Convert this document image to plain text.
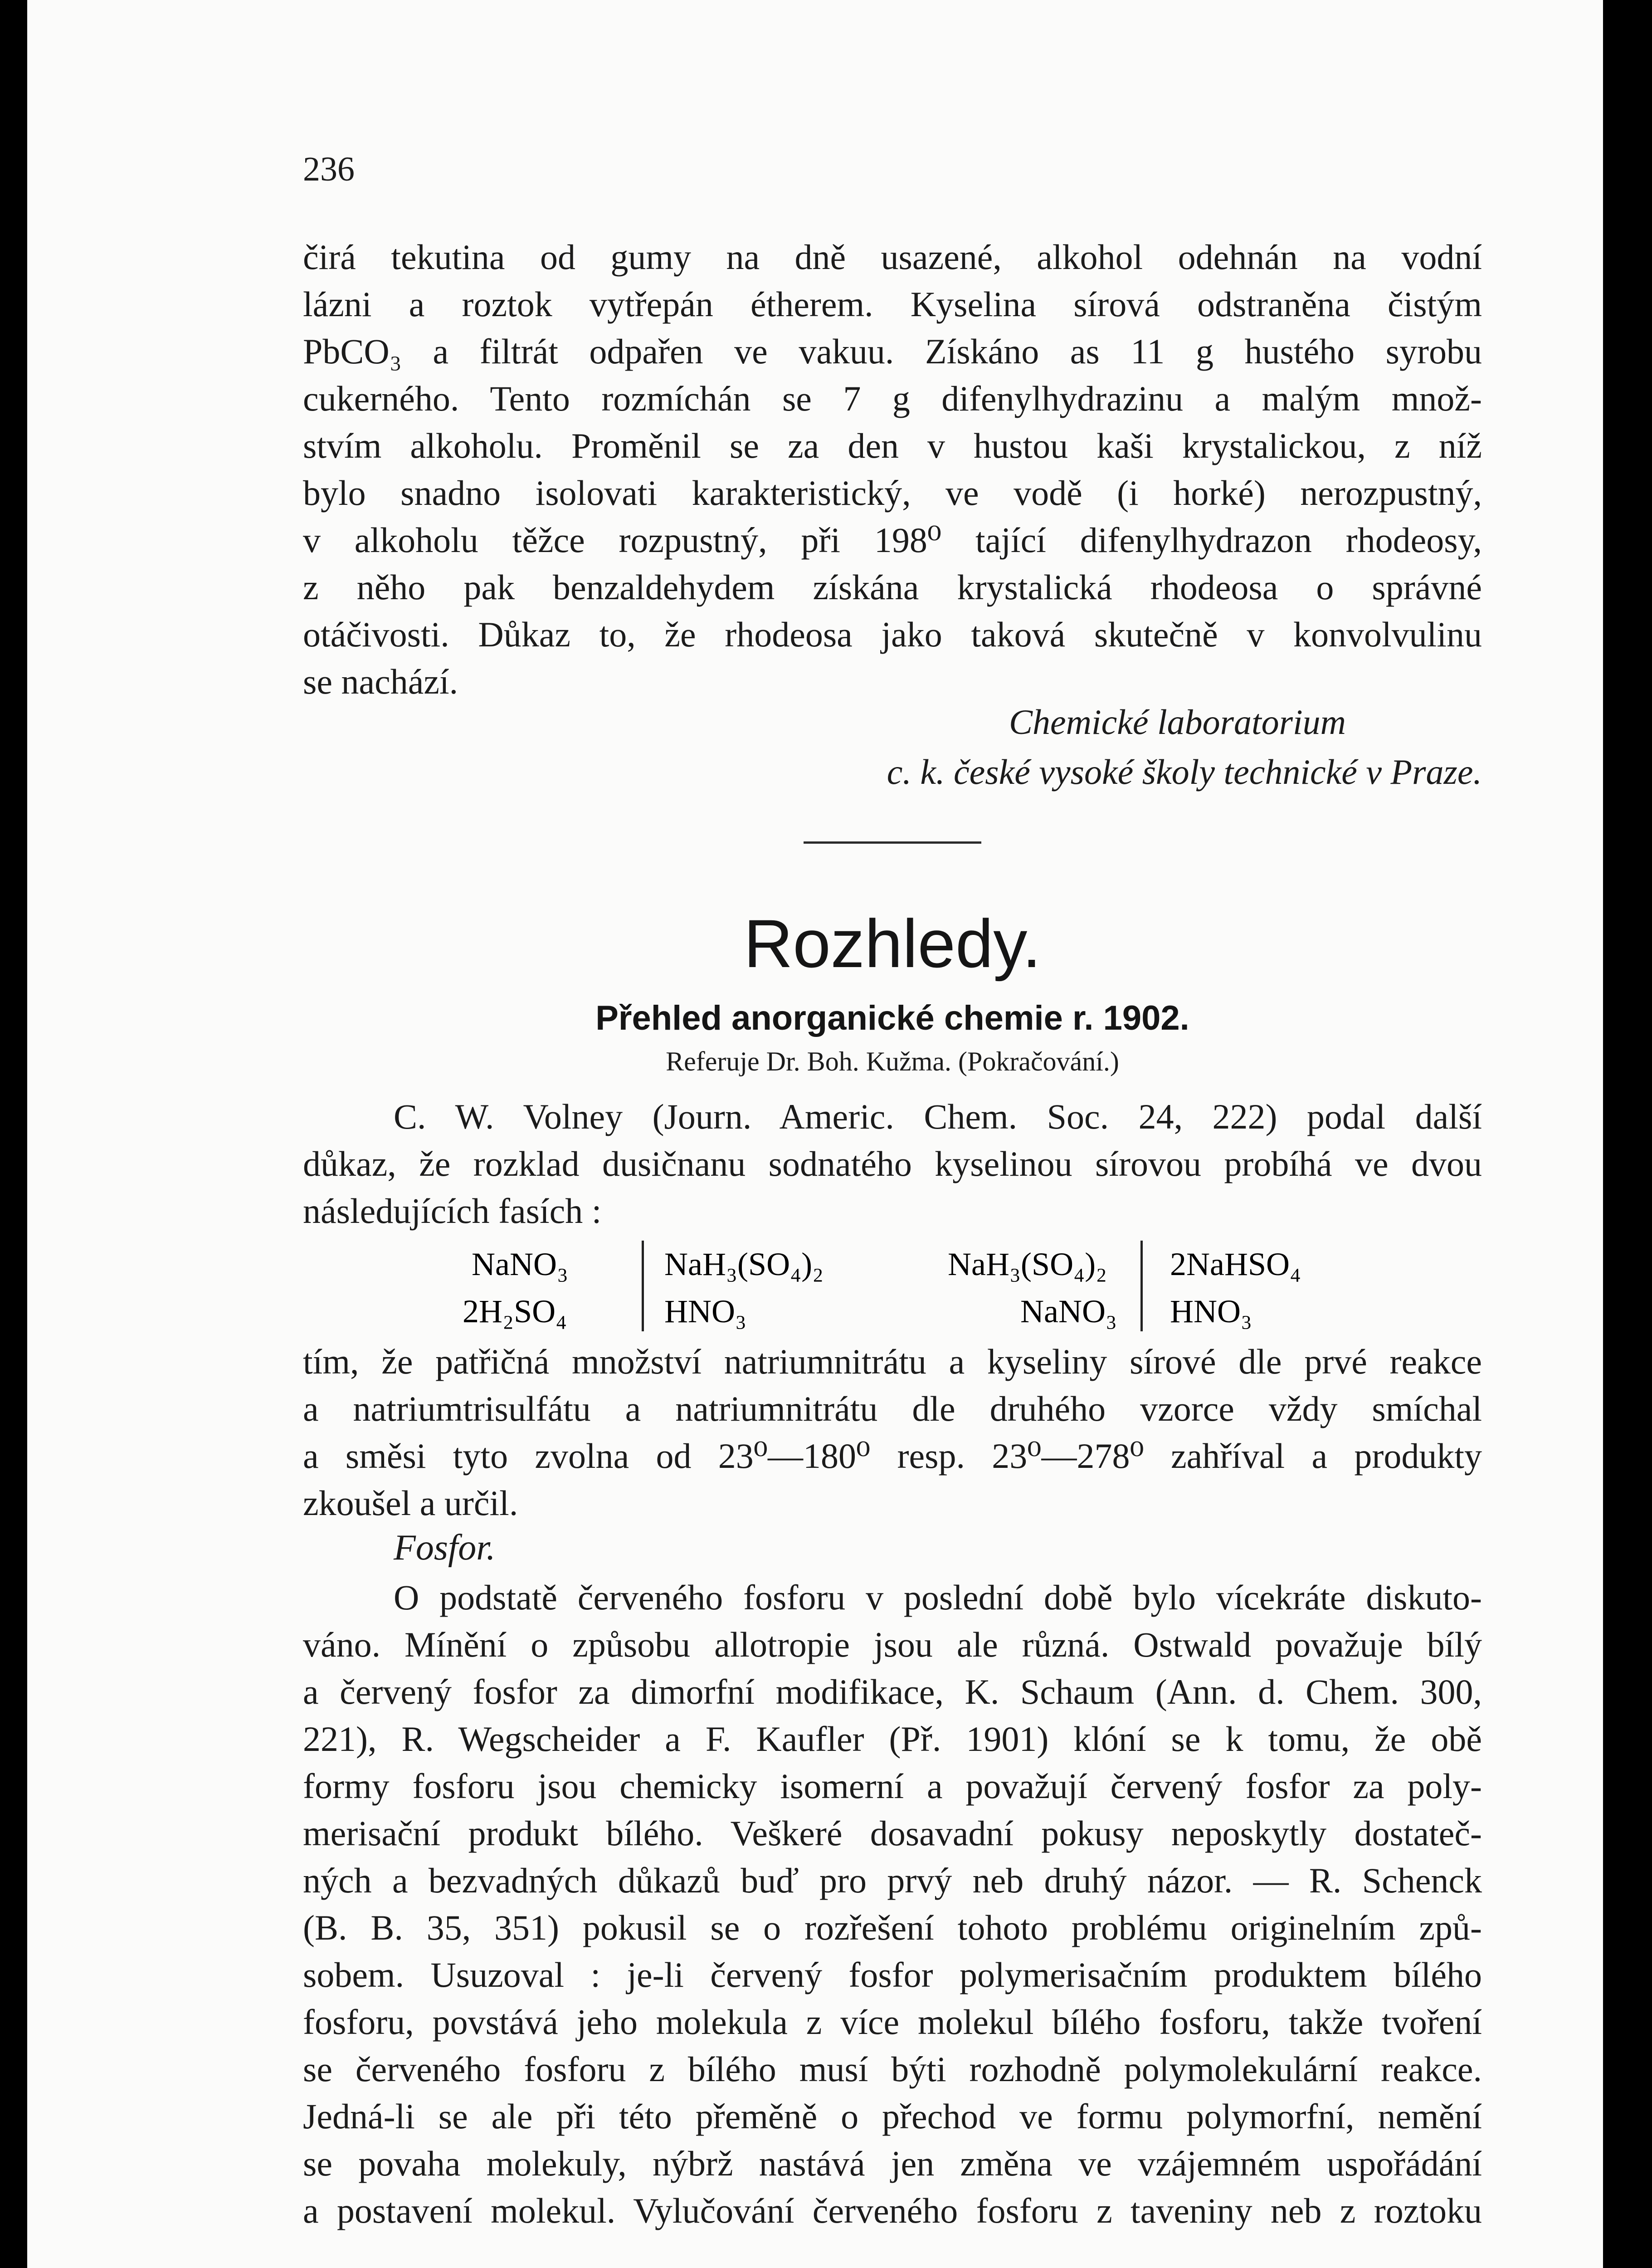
236
čirá tekutina od gumy na dně usazené, alkohol odehnán na vodní
lázni a roztok vytřepán étherem. Kyselina sírová odstraněna čistým
PbCO₃ a filtrát odpařen ve vakuu. Získáno as 11 g hustého syrobu
cukerného. Tento rozmíchán se 7 g difenylhydrazinu a malým množ-
stvím alkoholu. Proměnil se za den v hustou kaši krystalickou, z níž
bylo snadno isolovati karakteristický, ve vodě (i horké) nerozpustný,
v alkoholu těžce rozpustný, při 198⁰ tající difenylhydrazon rhodeosy,
z něho pak benzaldehydem získána krystalická rhodeosa o správné
otáčivosti. Důkaz to, že rhodeosa jako taková skutečně v konvolvulinu
se nachází.
Chemické laboratorium
c. k. české vysoké školy technické v Praze.
Rozhledy.
Přehled anorganické chemie r. 1902.
Referuje Dr. Boh. Kužma. (Pokračování.)
C. W. Volney (Journ. Americ. Chem. Soc. 24, 222) podal další
důkaz, že rozklad dusičnanu sodnatého kyselinou sírovou probíhá ve dvou
následujících fasích :
NaNO₃
2H₂SO₄
NaH₃(SO₄)₂
HNO₃
NaH₃(SO₄)₂
NaNO₃
2NaHSO₄
HNO₃
tím, že patřičná množství natriumnitrátu a kyseliny sírové dle prvé reakce
a natriumtrisulfátu a natriumnitrátu dle druhého vzorce vždy smíchal
a směsi tyto zvolna od 23⁰—180⁰ resp. 23⁰—278⁰ zahříval a produkty
zkoušel a určil.
Fosfor.
O podstatě červeného fosforu v poslední době bylo vícekráte diskuto-
váno. Mínění o způsobu allotropie jsou ale různá. Ostwald považuje bílý
a červený fosfor za dimorfní modifikace, K. Schaum (Ann. d. Chem. 300,
221), R. Wegscheider a F. Kaufler (Př. 1901) klóní se k tomu, že obě
formy fosforu jsou chemicky isomerní a považují červený fosfor za poly-
merisační produkt bílého. Veškeré dosavadní pokusy neposkytly dostateč-
ných a bezvadných důkazů buď pro prvý neb druhý názor. — R. Schenck
(B. B. 35, 351) pokusil se o rozřešení tohoto problému originelním způ-
sobem. Usuzoval : je-li červený fosfor polymerisačním produktem bílého
fosforu, povstává jeho molekula z více molekul bílého fosforu, takže tvoření
se červeného fosforu z bílého musí býti rozhodně polymolekulární reakce.
Jedná-li se ale při této přeměně o přechod ve formu polymorfní, nemění
se povaha molekuly, nýbrž nastává jen změna ve vzájemném uspořádání
a postavení molekul. Vylučování červeného fosforu z taveniny neb z roztoku
